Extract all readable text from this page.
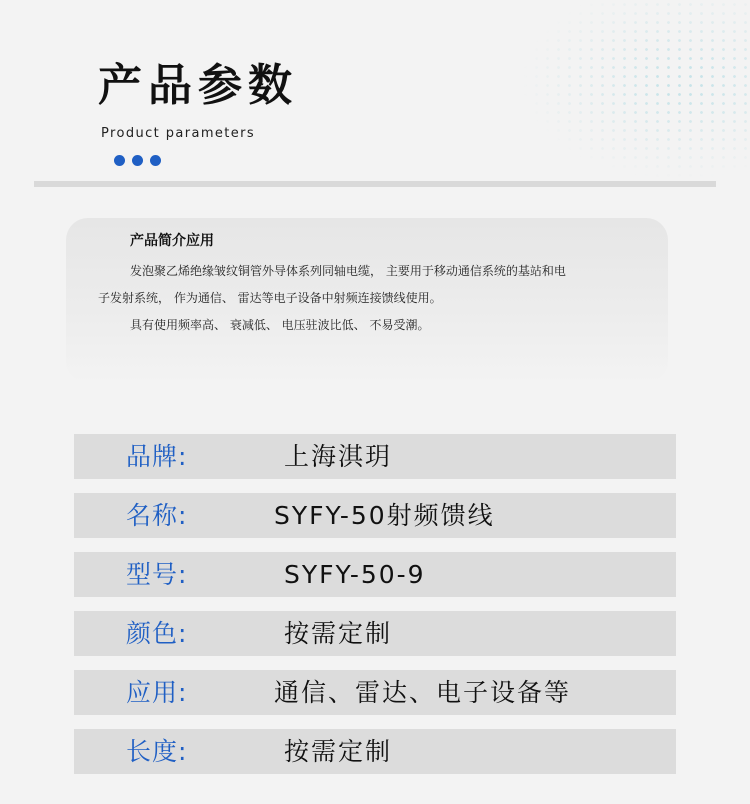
产品参数
Product parameters
产品简介应用

发泡聚乙烯绝缘皱纹铜管外导体系列同轴电缆， 主要用于移动通信系统的基站和电

子发射系统， 作为通信、 雷达等电子设备中射频连接馈线使用。

具有使用频率高、 衰减低、 电压驻波比低、 不易受潮。

品牌:	上海淇玥
名称:	SYFY-50射频馈线
型号:	SYFY-50-9
颜色:	按需定制
应用:	通信、雷达、电子设备等
长度:	按需定制
